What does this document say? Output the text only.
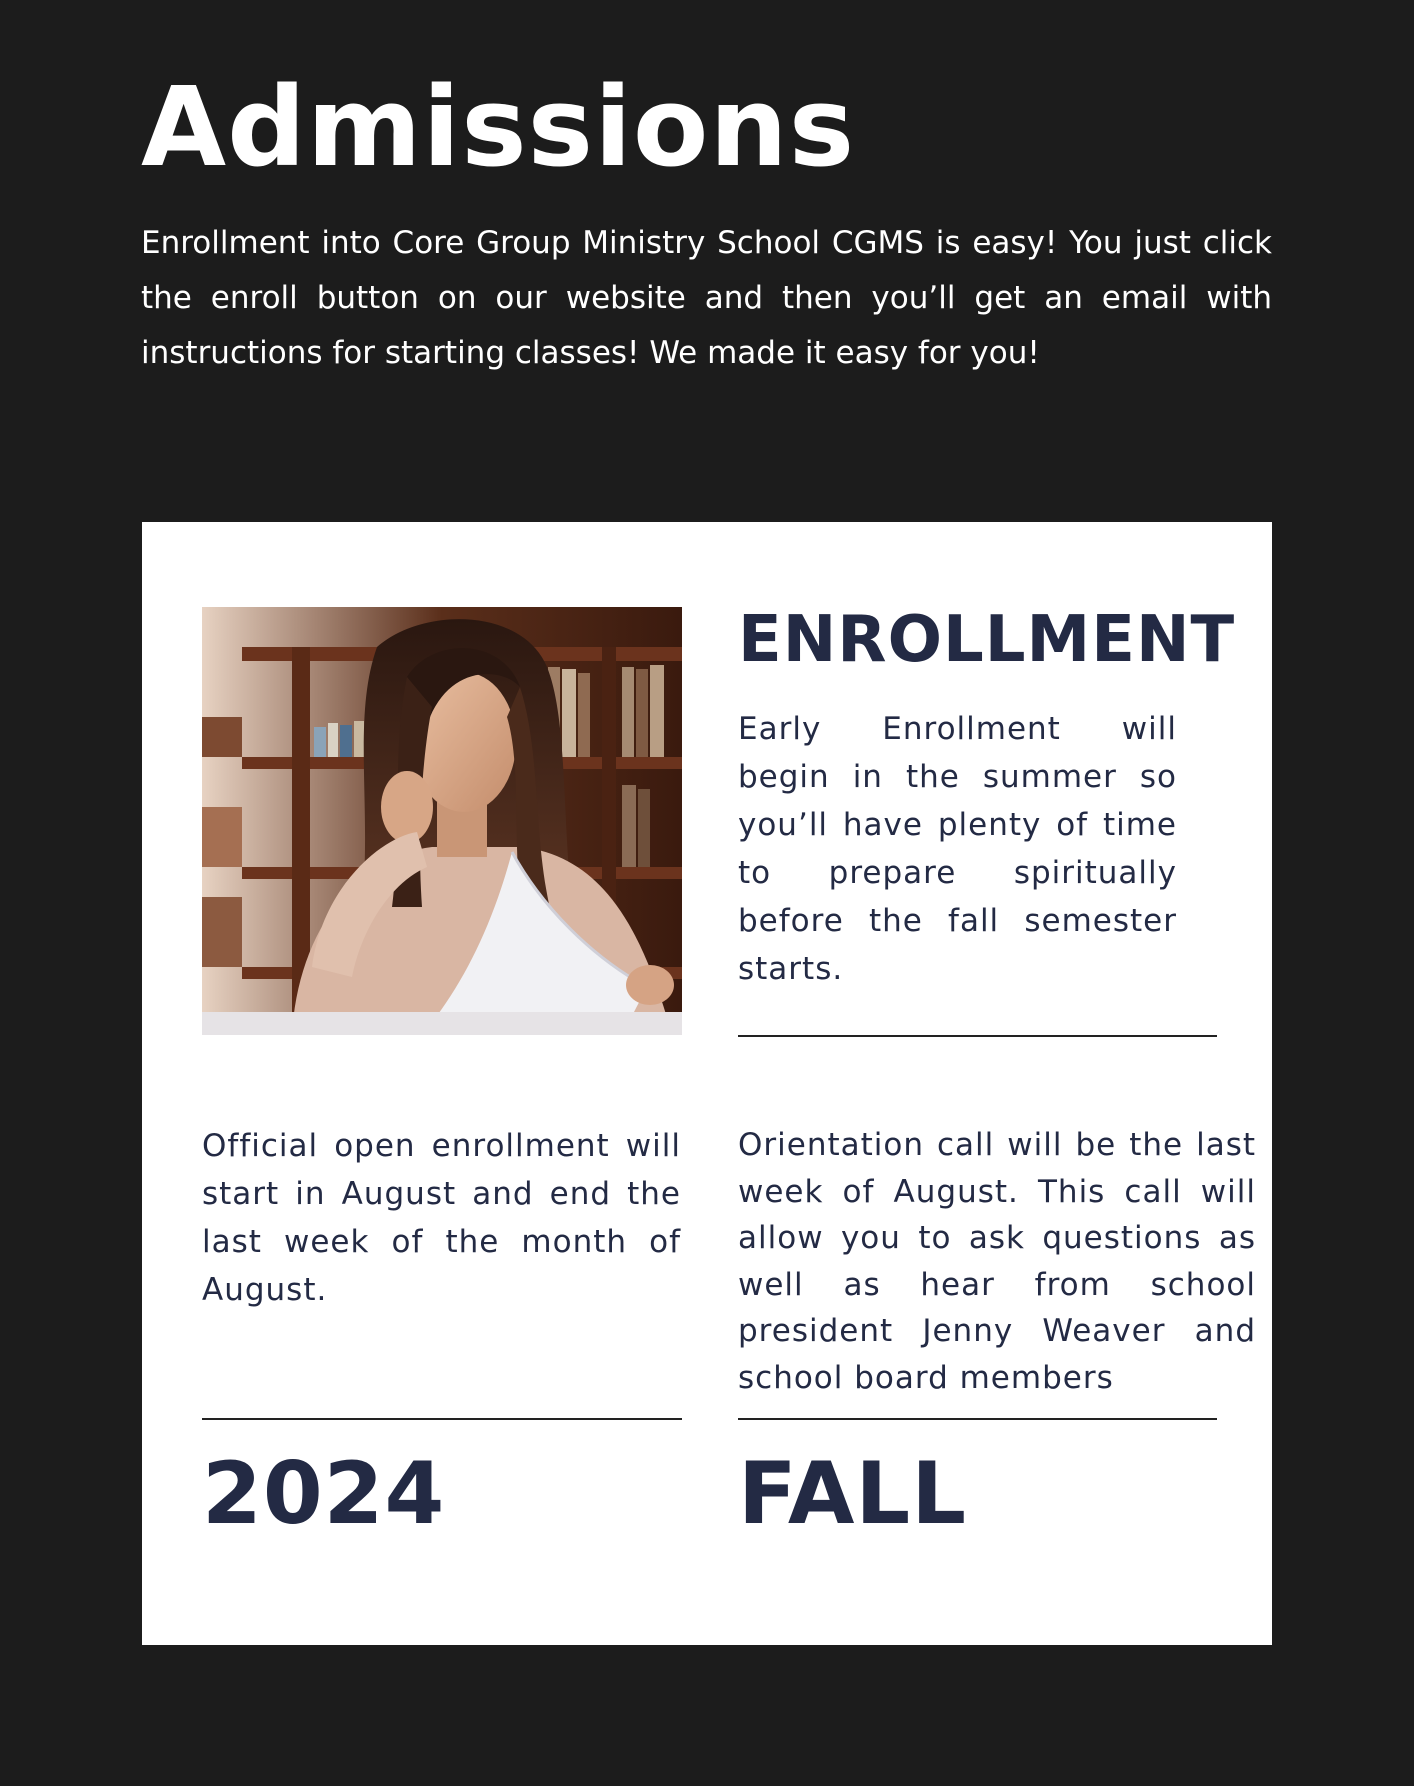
Admissions

Enrollment into Core Group Ministry School CGMS is easy! You just click the enroll button on our website and then you’ll get an email with instructions for starting classes! We made it easy for you!

ENROLLMENT

Early Enrollment will begin in the summer so you’ll have plenty of time to prepare spiritually before the fall semester starts.

Official open enrollment will start in August and end the last week of the month of August.

Orientation call will be the last week of August. This call will allow you to ask questions as well as hear from school president Jenny Weaver and school board members

2024	FALL
